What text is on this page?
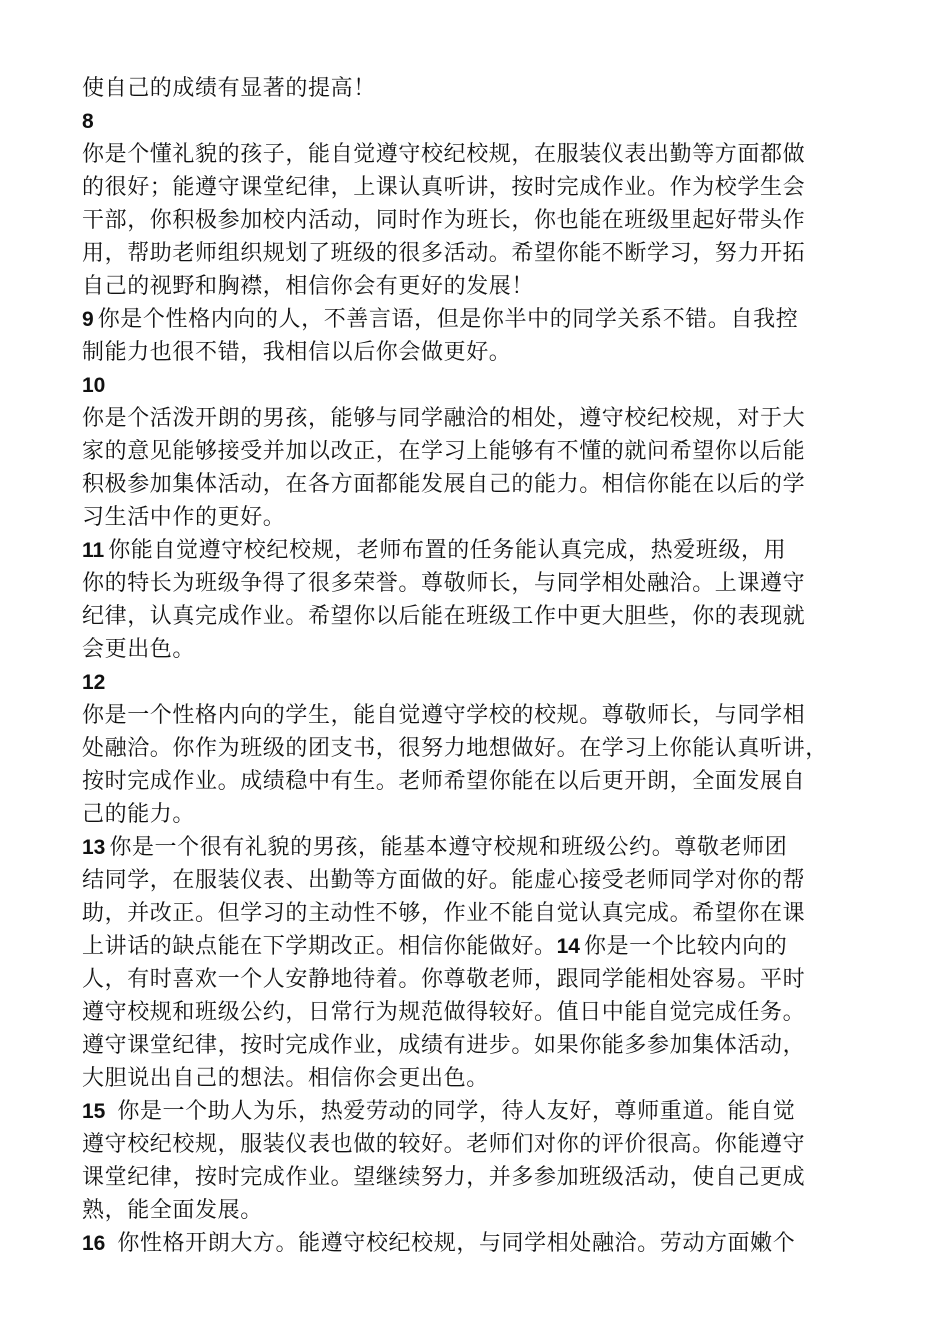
使自己的成绩有显著的提高！
8
你是个懂礼貌的孩子，能自觉遵守校纪校规，在服装仪表出勤等方面都做
的很好；能遵守课堂纪律，上课认真听讲，按时完成作业。作为校学生会
干部，你积极参加校内活动，同时作为班长，你也能在班级里起好带头作
用，帮助老师组织规划了班级的很多活动。希望你能不断学习，努力开拓
自己的视野和胸襟，相信你会有更好的发展！
9 你是个性格内向的人，不善言语，但是你半中的同学关系不错。自我控
制能力也很不错，我相信以后你会做更好。
10
你是个活泼开朗的男孩，能够与同学融洽的相处，遵守校纪校规，对于大
家的意见能够接受并加以改正，在学习上能够有不懂的就问希望你以后能
积极参加集体活动，在各方面都能发展自己的能力。相信你能在以后的学
习生活中作的更好。
11 你能自觉遵守校纪校规，老师布置的任务能认真完成，热爱班级，用
你的特长为班级争得了很多荣誉。尊敬师长，与同学相处融洽。上课遵守
纪律，认真完成作业。希望你以后能在班级工作中更大胆些，你的表现就
会更出色。
12
你是一个性格内向的学生，能自觉遵守学校的校规。尊敬师长，与同学相
处融洽。你作为班级的团支书，很努力地想做好。在学习上你能认真听讲，
按时完成作业。成绩稳中有生。老师希望你能在以后更开朗，全面发展自
己的能力。
13 你是一个很有礼貌的男孩，能基本遵守校规和班级公约。尊敬老师团
结同学，在服装仪表、出勤等方面做的好。能虚心接受老师同学对你的帮
助，并改正。但学习的主动性不够，作业不能自觉认真完成。希望你在课
上讲话的缺点能在下学期改正。相信你能做好。14 你是一个比较内向的
人，有时喜欢一个人安静地待着。你尊敬老师，跟同学能相处容易。平时
遵守校规和班级公约，日常行为规范做得较好。值日中能自觉完成任务。
遵守课堂纪律，按时完成作业，成绩有进步。如果你能多参加集体活动，
大胆说出自己的想法。相信你会更出色。
15 你是一个助人为乐，热爱劳动的同学，待人友好，尊师重道。能自觉
遵守校纪校规，服装仪表也做的较好。老师们对你的评价很高。你能遵守
课堂纪律，按时完成作业。望继续努力，并多参加班级活动，使自己更成
熟，能全面发展。
16 你性格开朗大方。能遵守校纪校规，与同学相处融洽。劳动方面嫩个
